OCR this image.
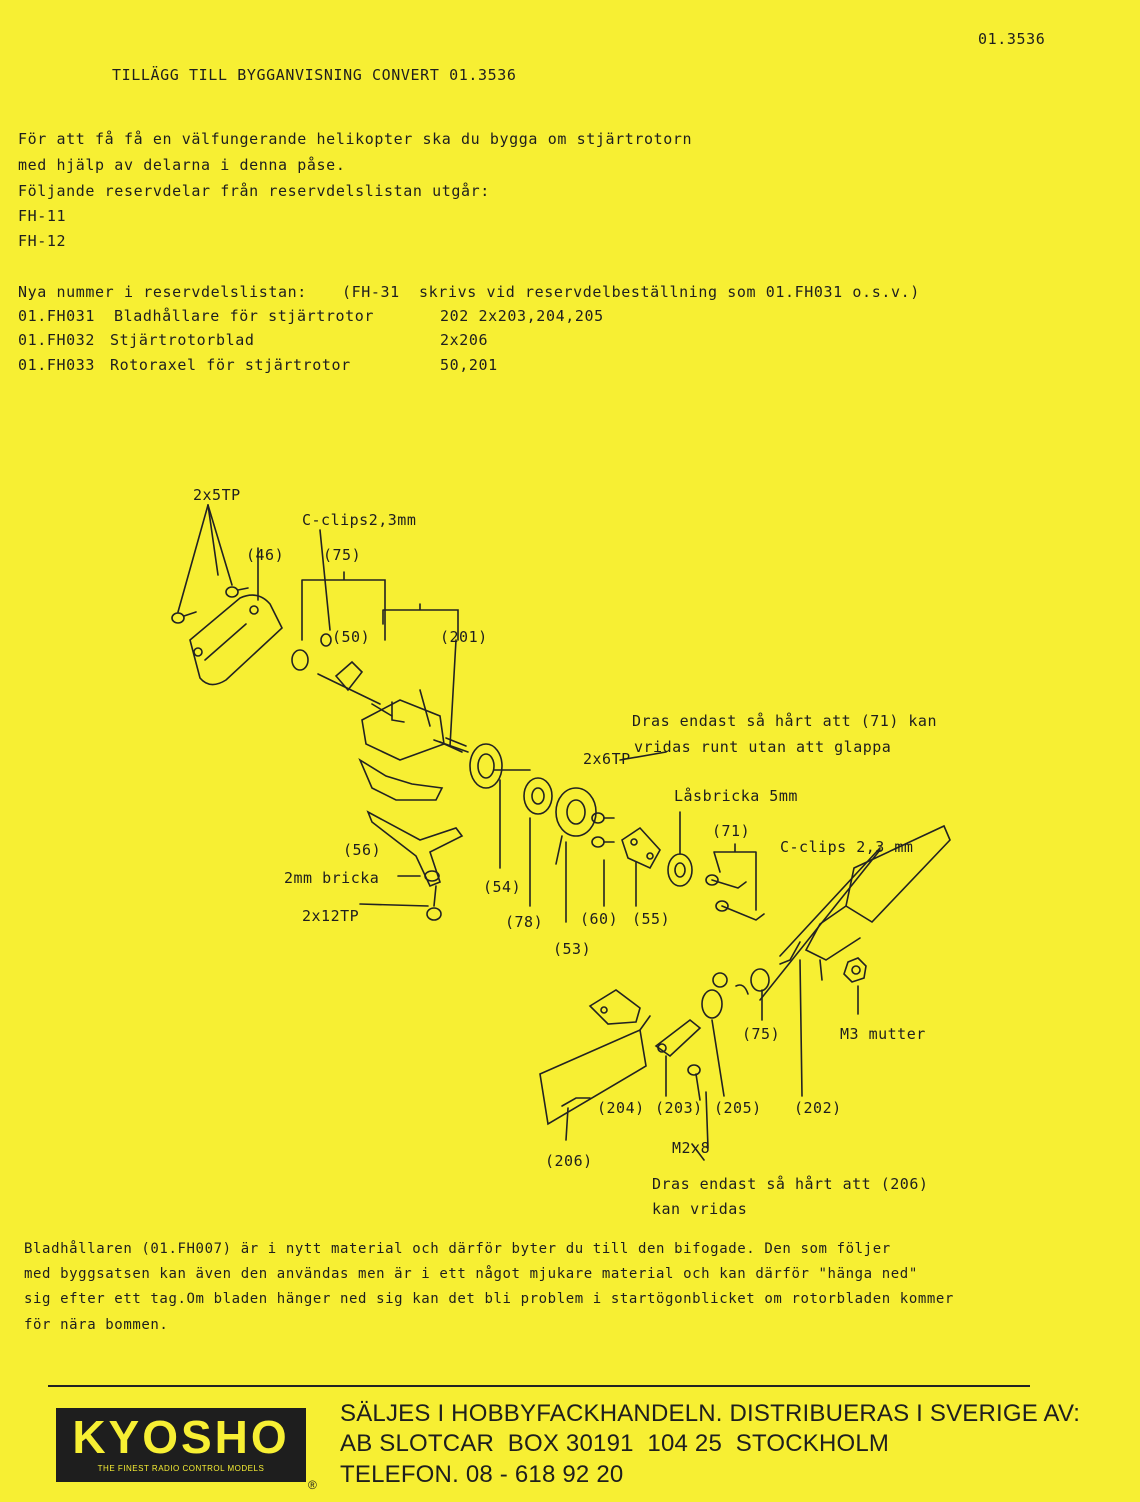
01.3536
TILLÄGG TILL BYGGANVISNING CONVERT 01.3536
För att få få en välfungerande helikopter ska du bygga om stjärtrotorn
med hjälp av delarna i denna påse.
Följande reservdelar från reservdelslistan utgår:
FH-11
FH-12
Nya nummer i reservdelslistan: (FH-31  skrivs vid reservdelbeställning som 01.FH031 o.s.v.)
01.FH031 Bladhållare för stjärtrotor	202 2x203,204,205
01.FH032 Stjärtrotorblad	2x206
01.FH033 Rotoraxel för stjärtrotor	50,201
2x5TP
C-clips2,3mm
(46)	(75)
(50)	(201)
Dras endast så hårt att (71) kan
vridas runt utan att glappa
2x6TP
Låsbricka 5mm
(71)
C-clips 2,3 mm
(56)
2mm bricka	(54)
2x12TP	(78) (60) (55)
(53)
(75)	M3 mutter
(204) (203) (205) (202)
M2x8
(206)
Dras endast så hårt att (206)
kan vridas
Bladhållaren (01.FH007) är i nytt material och därför byter du till den bifogade. Den som följer
med byggsatsen kan även den användas men är i ett något mjukare material och kan därför "hänga ned"
sig efter ett tag.Om bladen hänger ned sig kan det bli problem i startögonblicket om rotorbladen kommer
för nära bommen.
KYOSHO
THE FINEST RADIO CONTROL MODELS
®
SÄLJES I HOBBYFACKHANDELN. DISTRIBUERAS I SVERIGE AV:
AB SLOTCAR  BOX 30191  104 25  STOCKHOLM
TELEFON. 08 - 618 92 20
